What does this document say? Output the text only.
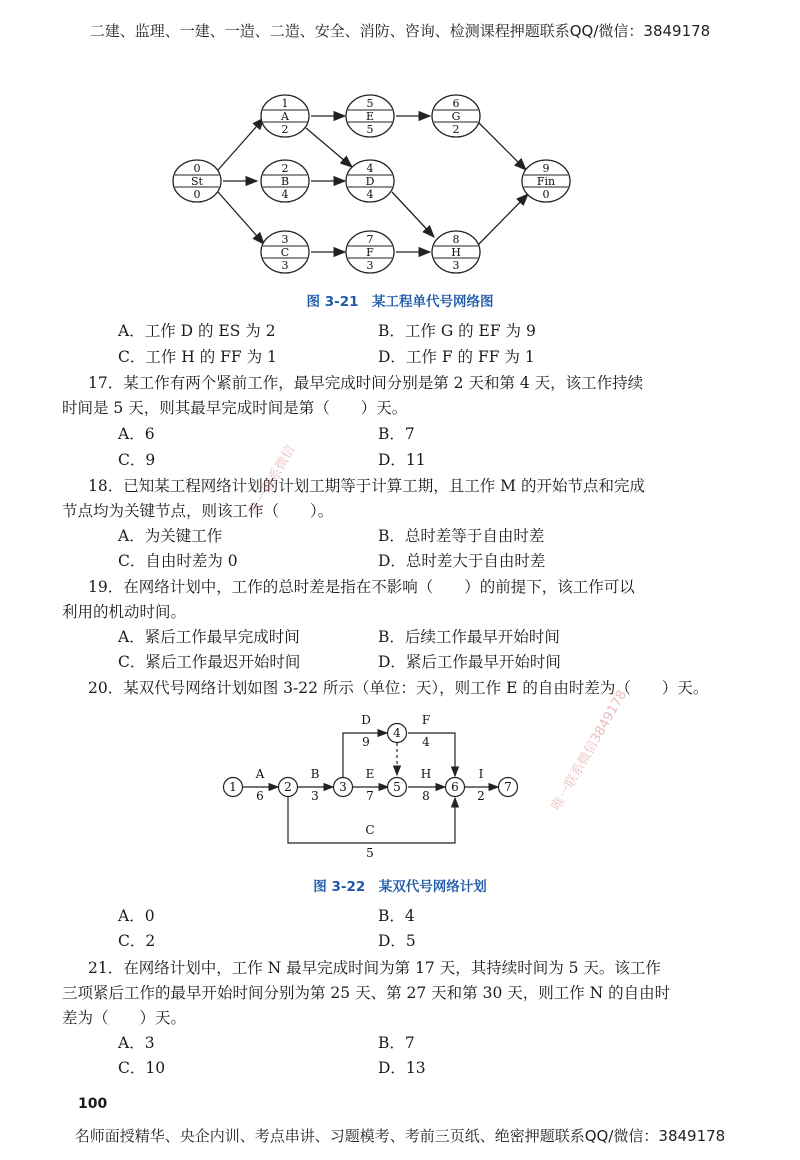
二建、监理、一建、一造、二造、安全、消防、咨询、检测课程押题联系QQ/微信：3849178
0
St
0
1
A
2
2
B
4
3
C
3
5
E
5
4
D
4
7
F
3
6
G
2
8
H
3
9
Fin
0
图 3-21　某工程单代号网络图
A．工作 D 的 ES 为 2	B．工作 G 的 EF 为 9
C．工作 H 的 FF 为 1	D．工作 F 的 FF 为 1
17．某工作有两个紧前工作，最早完成时间分别是第 2 天和第 4 天，该工作持续
时间是 5 天，则其最早完成时间是第（　　）天。
A．6	B．7
C．9	D．11
18．已知某工程网络计划的计划工期等于计算工期，且工作 M 的开始节点和完成
节点均为关键节点，则该工作（　　）。
A．为关键工作	B．总时差等于自由时差
C．自由时差为 0	D．总时差大于自由时差
19．在网络计划中，工作的总时差是指在不影响（　　）的前提下，该工作可以
利用的机动时间。
A．紧后工作最早完成时间	B．后续工作最早开始时间
C．紧后工作最迟开始时间	D．紧后工作最早开始时间
20．某双代号网络计划如图 3-22 所示（单位：天），则工作 E 的自由时差为（　　）天。
1	2	3
4
5	6	7
A
6
B
3
D
9
F
4
E
7
H
8
I
2
C
5
图 3-22　某双代号网络计划
A．0	B．4
C．2	D．5
21．在网络计划中，工作 N 最早完成时间为第 17 天，其持续时间为 5 天。该工作
三项紧后工作的最早开始时间分别为第 25 天、第 27 天和第 30 天，则工作 N 的自由时
差为（　　）天。
A．3	B．7
C．10	D．13
100
名师面授精华、央企内训、考点串讲、习题模考、考前三页纸、绝密押题联系QQ/微信：3849178
唯一联系微信
唯一联系微信3849178
